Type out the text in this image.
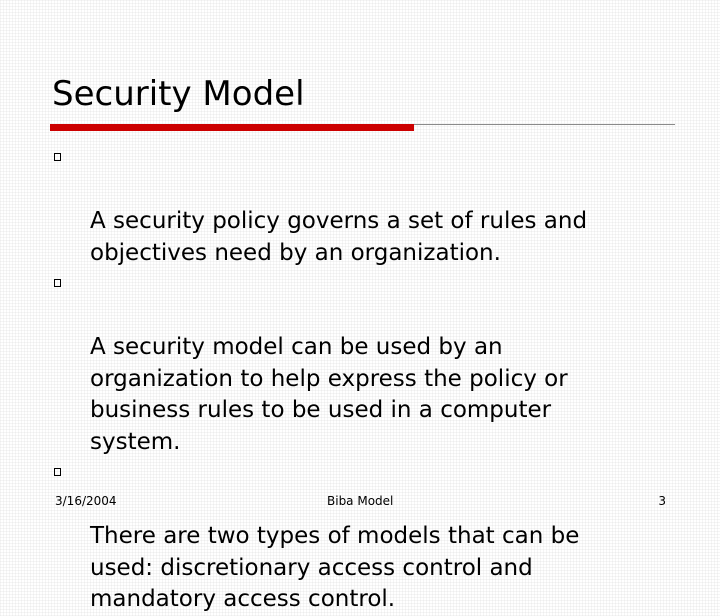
Security Model

A security policy governs a set of rules and
objectives need by an organization.

A security model can be used by an
organization to help express the policy or
business rules to be used in a computer
system.

There are two types of models that can be
used: discretionary access control and
mandatory access control.

3/16/2004	Biba Model	3
